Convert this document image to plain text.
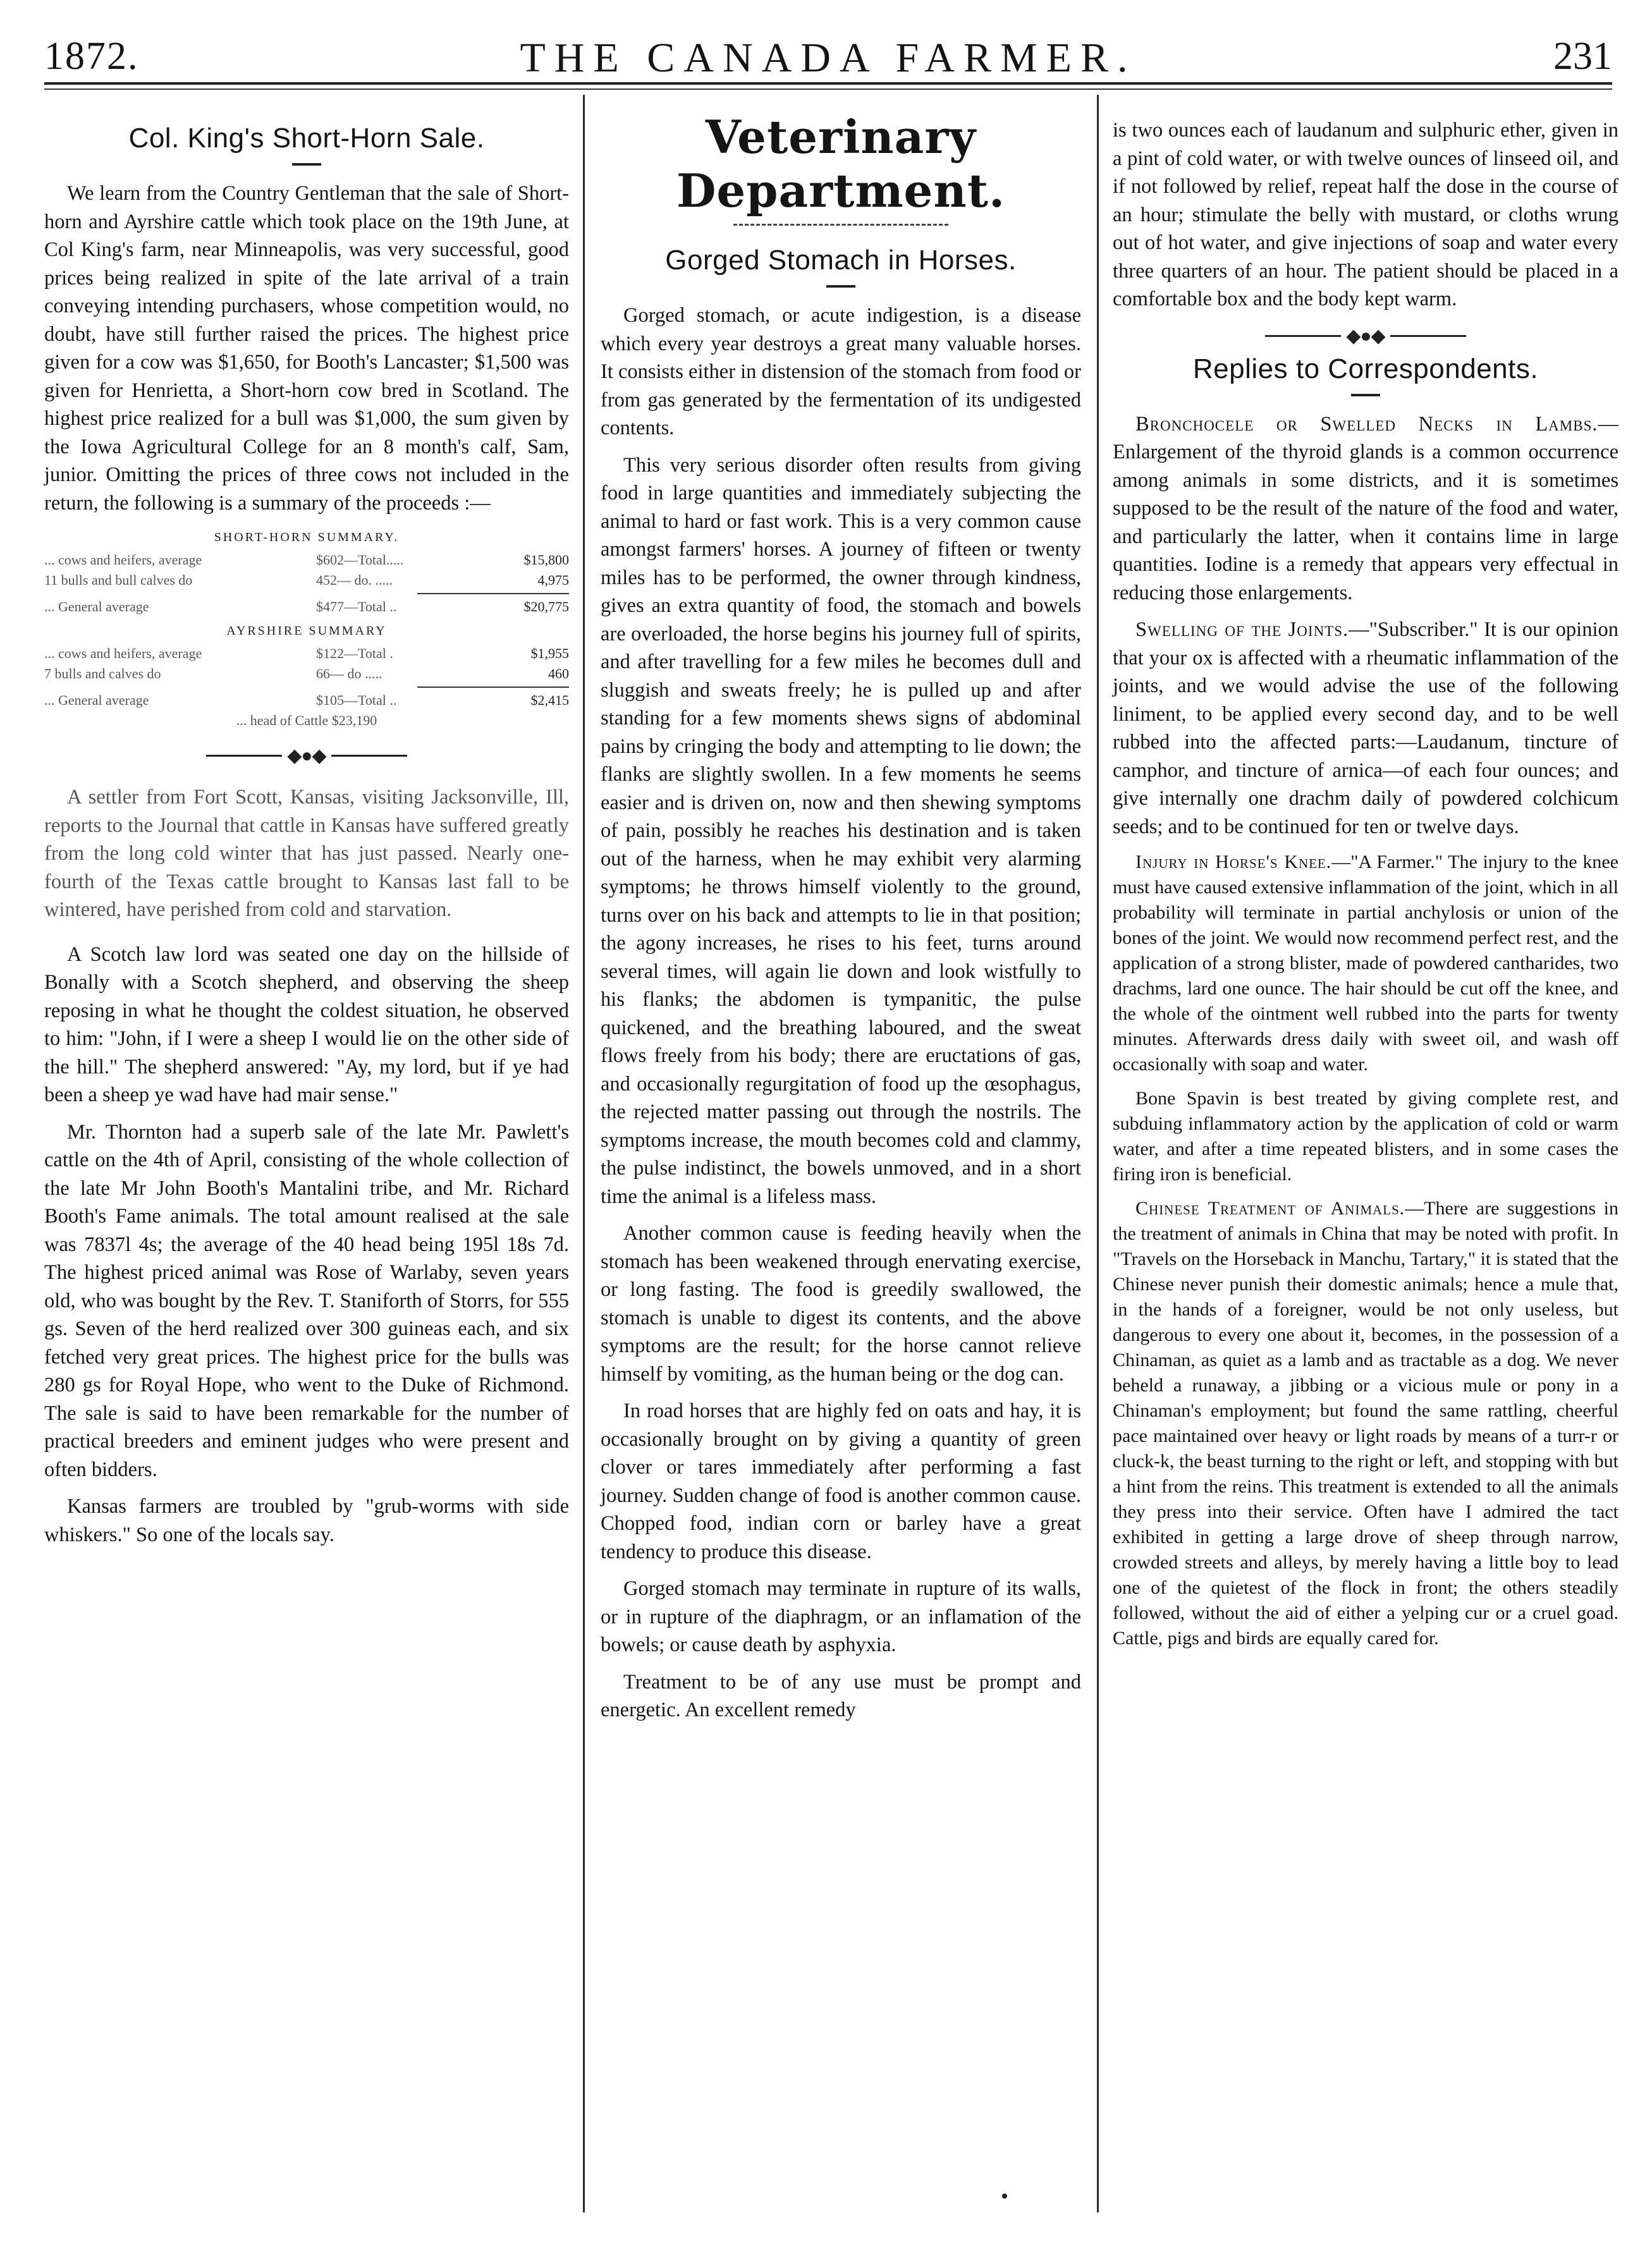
1872.	THE CANADA FARMER.	231
Col. King's Short-Horn Sale.

We learn from the Country Gentleman that the sale of Short-horn and Ayrshire cattle which took place on the 19th June, at Col King's farm, near Minneapolis, was very successful, good prices being realized in spite of the late arrival of a train conveying intending purchasers, whose competition would, no doubt, have still further raised the prices. The highest price given for a cow was $1,650, for Booth's Lancaster; $1,500 was given for Henrietta, a Short-horn cow bred in Scotland. The highest price realized for a bull was $1,000, the sum given by the Iowa Agricultural College for an 8 month's calf, Sam, junior. Omitting the prices of three cows not included in the return, the following is a summary of the proceeds :—

SHORT-HORN SUMMARY.
... cows and heifers, average	$602—Total.....	$15,800
11 bulls and bull calves do	452— do. .....	4,975
... General average	$477—Total ..	$20,775
AYRSHIRE SUMMARY
... cows and heifers, average	$122—Total .	$1,955
7 bulls and calves do	66— do .....	460
... General average	$105—Total ..	$2,415
... head of Cattle $23,190
◆●◆

A settler from Fort Scott, Kansas, visiting Jacksonville, Ill, reports to the Journal that cattle in Kansas have suffered greatly from the long cold winter that has just passed. Nearly one-fourth of the Texas cattle brought to Kansas last fall to be wintered, have perished from cold and starvation.

A Scotch law lord was seated one day on the hillside of Bonally with a Scotch shepherd, and observing the sheep reposing in what he thought the coldest situation, he observed to him: "John, if I were a sheep I would lie on the other side of the hill." The shepherd answered: "Ay, my lord, but if ye had been a sheep ye wad have had mair sense."

Mr. Thornton had a superb sale of the late Mr. Pawlett's cattle on the 4th of April, consisting of the whole collection of the late Mr John Booth's Mantalini tribe, and Mr. Richard Booth's Fame animals. The total amount realised at the sale was 7837l 4s; the average of the 40 head being 195l 18s 7d. The highest priced animal was Rose of Warlaby, seven years old, who was bought by the Rev. T. Staniforth of Storrs, for 555 gs. Seven of the herd realized over 300 guineas each, and six fetched very great prices. The highest price for the bulls was 280 gs for Royal Hope, who went to the Duke of Richmond. The sale is said to have been remarkable for the number of practical breeders and eminent judges who were present and often bidders.

Kansas farmers are troubled by "grub-worms with side whiskers." So one of the locals say.

Veterinary Department.
Gorged Stomach in Horses.

Gorged stomach, or acute indigestion, is a disease which every year destroys a great many valuable horses. It consists either in distension of the stomach from food or from gas generated by the fermentation of its undigested contents.

This very serious disorder often results from giving food in large quantities and immediately subjecting the animal to hard or fast work. This is a very common cause amongst farmers' horses. A journey of fifteen or twenty miles has to be performed, the owner through kindness, gives an extra quantity of food, the stomach and bowels are overloaded, the horse begins his journey full of spirits, and after travelling for a few miles he becomes dull and sluggish and sweats freely; he is pulled up and after standing for a few moments shews signs of abdominal pains by cringing the body and attempting to lie down; the flanks are slightly swollen. In a few moments he seems easier and is driven on, now and then shewing symptoms of pain, possibly he reaches his destination and is taken out of the harness, when he may exhibit very alarming symptoms; he throws himself violently to the ground, turns over on his back and attempts to lie in that position; the agony increases, he rises to his feet, turns around several times, will again lie down and look wistfully to his flanks; the abdomen is tympanitic, the pulse quickened, and the breathing laboured, and the sweat flows freely from his body; there are eructations of gas, and occasionally regurgitation of food up the œsophagus, the rejected matter passing out through the nostrils. The symptoms increase, the mouth becomes cold and clammy, the pulse indistinct, the bowels unmoved, and in a short time the animal is a lifeless mass.

Another common cause is feeding heavily when the stomach has been weakened through enervating exercise, or long fasting. The food is greedily swallowed, the stomach is unable to digest its contents, and the above symptoms are the result; for the horse cannot relieve himself by vomiting, as the human being or the dog can.

In road horses that are highly fed on oats and hay, it is occasionally brought on by giving a quantity of green clover or tares immediately after performing a fast journey. Sudden change of food is another common cause. Chopped food, indian corn or barley have a great tendency to produce this disease.

Gorged stomach may terminate in rupture of its walls, or in rupture of the diaphragm, or an inflamation of the bowels; or cause death by asphyxia.

Treatment to be of any use must be prompt and energetic. An excellent remedy

is two ounces each of laudanum and sulphuric ether, given in a pint of cold water, or with twelve ounces of linseed oil, and if not followed by relief, repeat half the dose in the course of an hour; stimulate the belly with mustard, or cloths wrung out of hot water, and give injections of soap and water every three quarters of an hour. The patient should be placed in a comfortable box and the body kept warm.

◆●◆
Replies to Correspondents.

Bronchocele or Swelled Necks in Lambs.—Enlargement of the thyroid glands is a common occurrence among animals in some districts, and it is sometimes supposed to be the result of the nature of the food and water, and particularly the latter, when it contains lime in large quantities. Iodine is a remedy that appears very effectual in reducing those enlargements.

Swelling of the Joints.—"Subscriber." It is our opinion that your ox is affected with a rheumatic inflammation of the joints, and we would advise the use of the following liniment, to be applied every second day, and to be well rubbed into the affected parts:—Laudanum, tincture of camphor, and tincture of arnica—of each four ounces; and give internally one drachm daily of powdered colchicum seeds; and to be continued for ten or twelve days.

Injury in Horse's Knee.—"A Farmer." The injury to the knee must have caused extensive inflammation of the joint, which in all probability will terminate in partial anchylosis or union of the bones of the joint. We would now recommend perfect rest, and the application of a strong blister, made of powdered cantharides, two drachms, lard one ounce. The hair should be cut off the knee, and the whole of the ointment well rubbed into the parts for twenty minutes. Afterwards dress daily with sweet oil, and wash off occasionally with soap and water.

Bone Spavin is best treated by giving complete rest, and subduing inflammatory action by the application of cold or warm water, and after a time repeated blisters, and in some cases the firing iron is beneficial.

Chinese Treatment of Animals.—There are suggestions in the treatment of animals in China that may be noted with profit. In "Travels on the Horseback in Manchu, Tartary," it is stated that the Chinese never punish their domestic animals; hence a mule that, in the hands of a foreigner, would be not only useless, but dangerous to every one about it, becomes, in the possession of a Chinaman, as quiet as a lamb and as tractable as a dog. We never beheld a runaway, a jibbing or a vicious mule or pony in a Chinaman's employment; but found the same rattling, cheerful pace maintained over heavy or light roads by means of a turr-r or cluck-k, the beast turning to the right or left, and stopping with but a hint from the reins. This treatment is extended to all the animals they press into their service. Often have I admired the tact exhibited in getting a large drove of sheep through narrow, crowded streets and alleys, by merely having a little boy to lead one of the quietest of the flock in front; the others steadily followed, without the aid of either a yelping cur or a cruel goad. Cattle, pigs and birds are equally cared for.
